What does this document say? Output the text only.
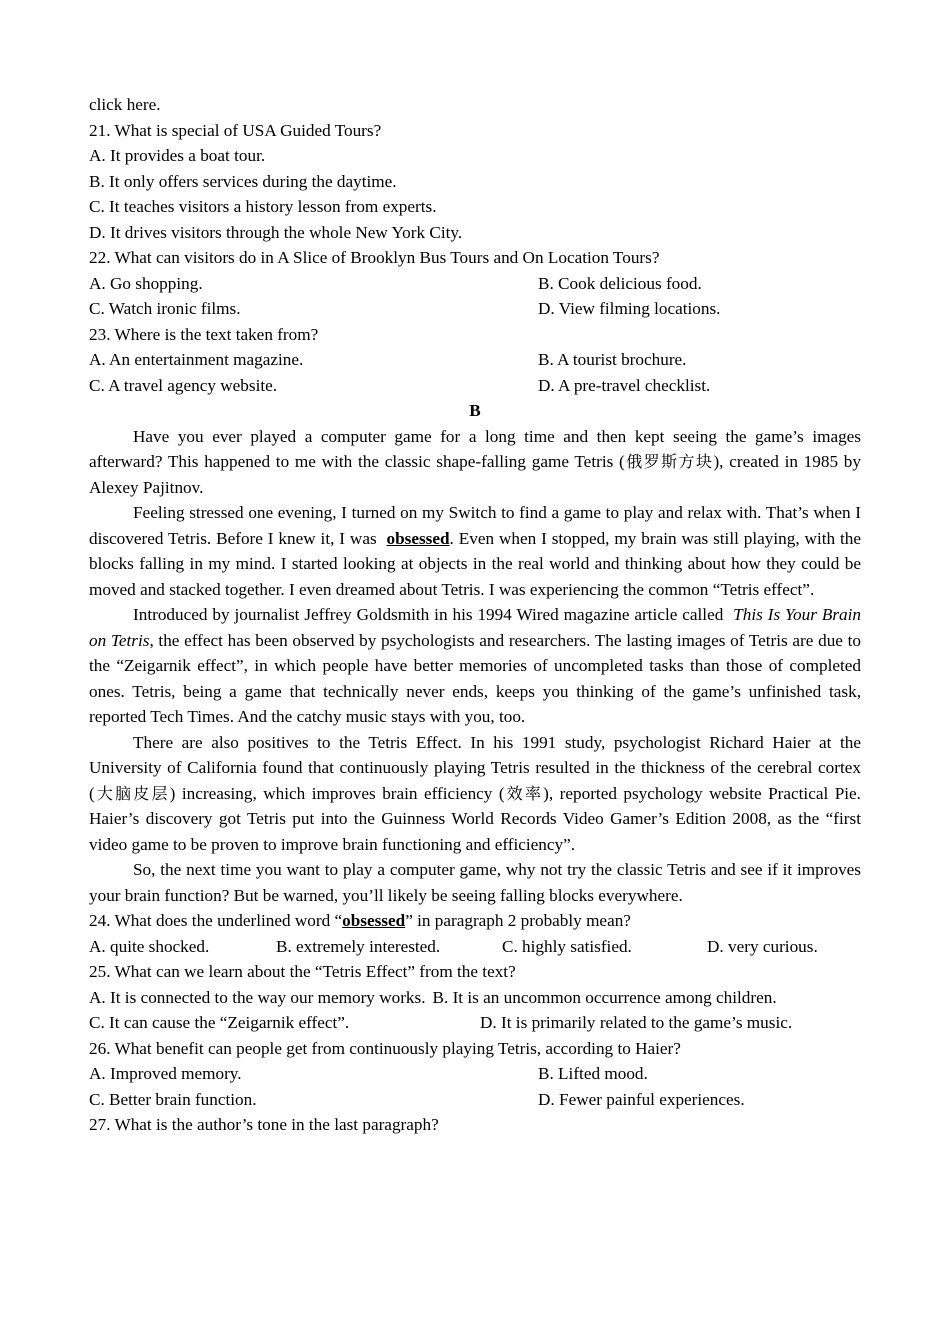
click here.
21. What is special of USA Guided Tours?
A. It provides a boat tour.
B. It only offers services during the daytime.
C. It teaches visitors a history lesson from experts.
D. It drives visitors through the whole New York City.
22. What can visitors do in A Slice of Brooklyn Bus Tours and On Location Tours?
A. Go shopping.	B. Cook delicious food.
C. Watch ironic films.	D. View filming locations.
23. Where is the text taken from?
A. An entertainment magazine.	B. A tourist brochure.
C. A travel agency website.	D. A pre-travel checklist.
B

Have you ever played a computer game for a long time and then kept seeing the game’s images afterward? This happened to me with the classic shape-falling game Tetris (俄罗斯方块), created in 1985 by Alexey Pajitnov.

Feeling stressed one evening, I turned on my Switch to find a game to play and relax with. That’s when I discovered Tetris. Before I knew it, I was  obsessed. Even when I stopped, my brain was still playing, with the blocks falling in my mind. I started looking at objects in the real world and thinking about how they could be moved and stacked together. I even dreamed about Tetris. I was experiencing the common “Tetris effect”.

Introduced by journalist Jeffrey Goldsmith in his 1994 Wired magazine article called  This Is Your Brain on Tetris, the effect has been observed by psychologists and researchers. The lasting images of Tetris are due to the “Zeigarnik effect”, in which people have better memories of uncompleted tasks than those of completed ones. Tetris, being a game that technically never ends, keeps you thinking of the game’s unfinished task, reported Tech Times. And the catchy music stays with you, too.

There are also positives to the Tetris Effect. In his 1991 study, psychologist Richard Haier at the University of California found that continuously playing Tetris resulted in the thickness of the cerebral cortex (大脑皮层) increasing, which improves brain efficiency (效率), reported psychology website Practical Pie. Haier’s discovery got Tetris put into the Guinness World Records Video Gamer’s Edition 2008, as the “first video game to be proven to improve brain functioning and efficiency”.

So, the next time you want to play a computer game, why not try the classic Tetris and see if it improves your brain function? But be warned, you’ll likely be seeing falling blocks everywhere.

24. What does the underlined word “obsessed” in paragraph 2 probably mean?
A. quite shocked.	B. extremely interested.	C. highly satisfied.	D. very curious.
25. What can we learn about the “Tetris Effect” from the text?
A. It is connected to the way our memory works. B. It is an uncommon occurrence among children.
C. It can cause the “Zeigarnik effect”.	D. It is primarily related to the game’s music.
26. What benefit can people get from continuously playing Tetris, according to Haier?
A. Improved memory.	B. Lifted mood.
C. Better brain function.	D. Fewer painful experiences.
27. What is the author’s tone in the last paragraph?
